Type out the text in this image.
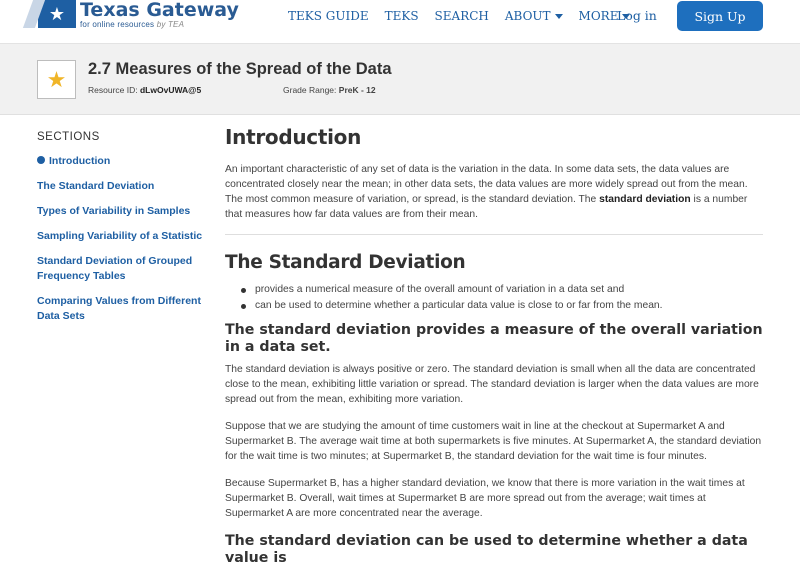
★ Texas Gateway
for online resources by TEA
TEKS GUIDE TEKS SEARCH ABOUT MORE
Log in	Sign Up
★ 2.7 Measures of the Spread of the Data
Resource ID: dLwOvUWA@5	Grade Range: PreK - 12
SECTIONS
Introduction
The Standard Deviation
Types of Variability in Samples
Sampling Variability of a Statistic
Standard Deviation of Grouped Frequency Tables
Comparing Values from Different Data Sets
Introduction

An important characteristic of any set of data is the variation in the data. In some data sets, the data values are concentrated closely near the mean; in other data sets, the data values are more widely spread out from the mean. The most common measure of variation, or spread, is the standard deviation. The standard deviation is a number that measures how far data values are from their mean.

The Standard Deviation
provides a numerical measure of the overall amount of variation in a data set and
can be used to determine whether a particular data value is close to or far from the mean.
The standard deviation provides a measure of the overall variation in a data set.

The standard deviation is always positive or zero. The standard deviation is small when all the data are concentrated close to the mean, exhibiting little variation or spread. The standard deviation is larger when the data values are more spread out from the mean, exhibiting more variation.

Suppose that we are studying the amount of time customers wait in line at the checkout at Supermarket A and Supermarket B. The average wait time at both supermarkets is five minutes. At Supermarket A, the standard deviation for the wait time is two minutes; at Supermarket B, the standard deviation for the wait time is four minutes.

Because Supermarket B, has a higher standard deviation, we know that there is more variation in the wait times at Supermarket B. Overall, wait times at Supermarket B are more spread out from the average; wait times at Supermarket A are more concentrated near the average.

The standard deviation can be used to determine whether a data value is
